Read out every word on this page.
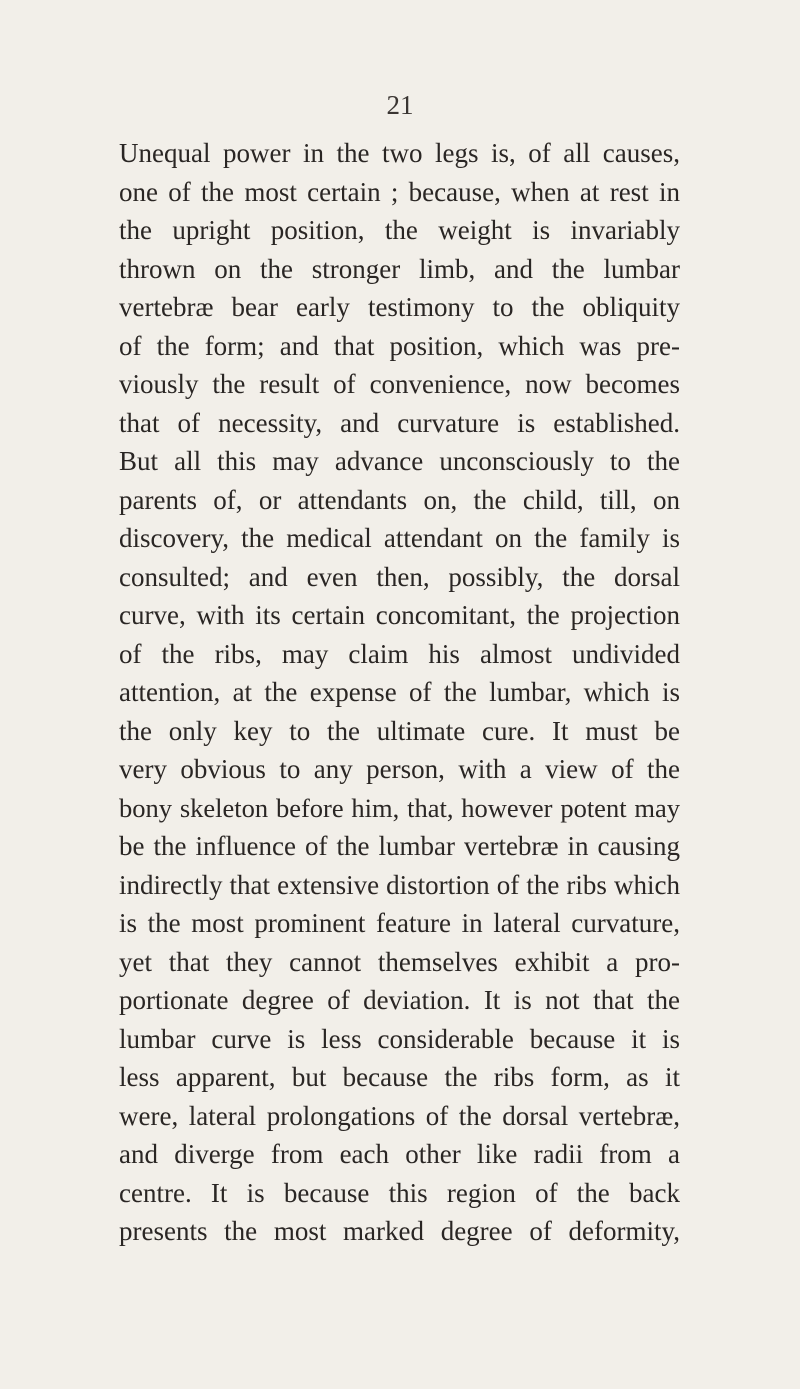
21
Unequal power in the two legs is, of all causes,
one of the most certain ; because, when at rest in
the upright position, the weight is invariably
thrown on the stronger limb, and the lumbar
vertebræ bear early testimony to the obliquity
of the form; and that position, which was pre-
viously the result of convenience, now becomes
that of necessity, and curvature is established.
But all this may advance unconsciously to the
parents of, or attendants on, the child, till, on
discovery, the medical attendant on the family is
consulted; and even then, possibly, the dorsal
curve, with its certain concomitant, the projection
of the ribs, may claim his almost undivided
attention, at the expense of the lumbar, which is
the only key to the ultimate cure. It must be
very obvious to any person, with a view of the
bony skeleton before him, that, however potent may
be the influence of the lumbar vertebræ in causing
indirectly that extensive distortion of the ribs which
is the most prominent feature in lateral curvature,
yet that they cannot themselves exhibit a pro-
portionate degree of deviation. It is not that the
lumbar curve is less considerable because it is
less apparent, but because the ribs form, as it
were, lateral prolongations of the dorsal vertebræ,
and diverge from each other like radii from a
centre. It is because this region of the back
presents the most marked degree of deformity,
